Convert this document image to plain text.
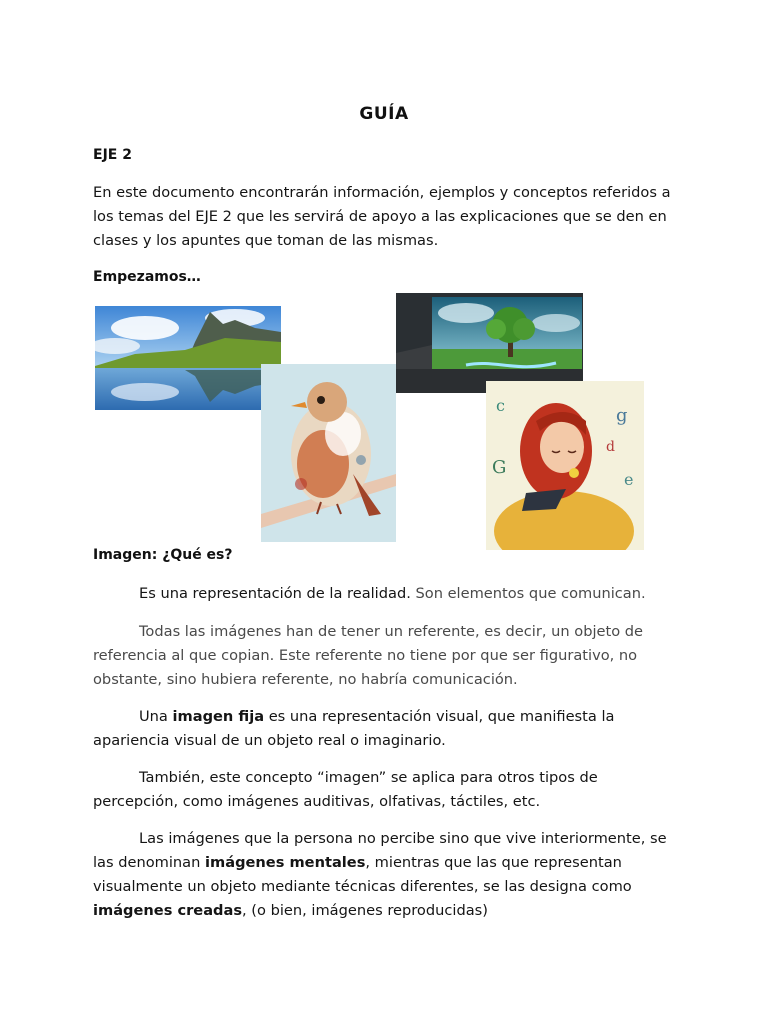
GUÍA
EJE 2
En este documento encontrarán información, ejemplos y conceptos referidos a los temas del EJE 2 que les servirá de apoyo a las explicaciones que se den en clases y los apuntes que toman de las mismas.
Empezamos…
c	g
G
e
d
Imagen: ¿Qué es?
Es una representación de la realidad. Son elementos que comunican.
Todas las imágenes han de tener un referente, es decir, un objeto de referencia al que copian. Este referente no tiene por que ser figurativo, no obstante, sino hubiera referente, no habría comunicación.
Una imagen fija es una representación visual, que manifiesta la apariencia visual de un objeto real o imaginario.
También, este concepto “imagen” se aplica para otros tipos de percepción, como imágenes auditivas, olfativas, táctiles, etc.
Las imágenes que la persona no percibe sino que vive interiormente, se las denominan imágenes mentales, mientras que las que representan visualmente un objeto mediante técnicas diferentes, se las designa como imágenes creadas, (o bien, imágenes reproducidas)
